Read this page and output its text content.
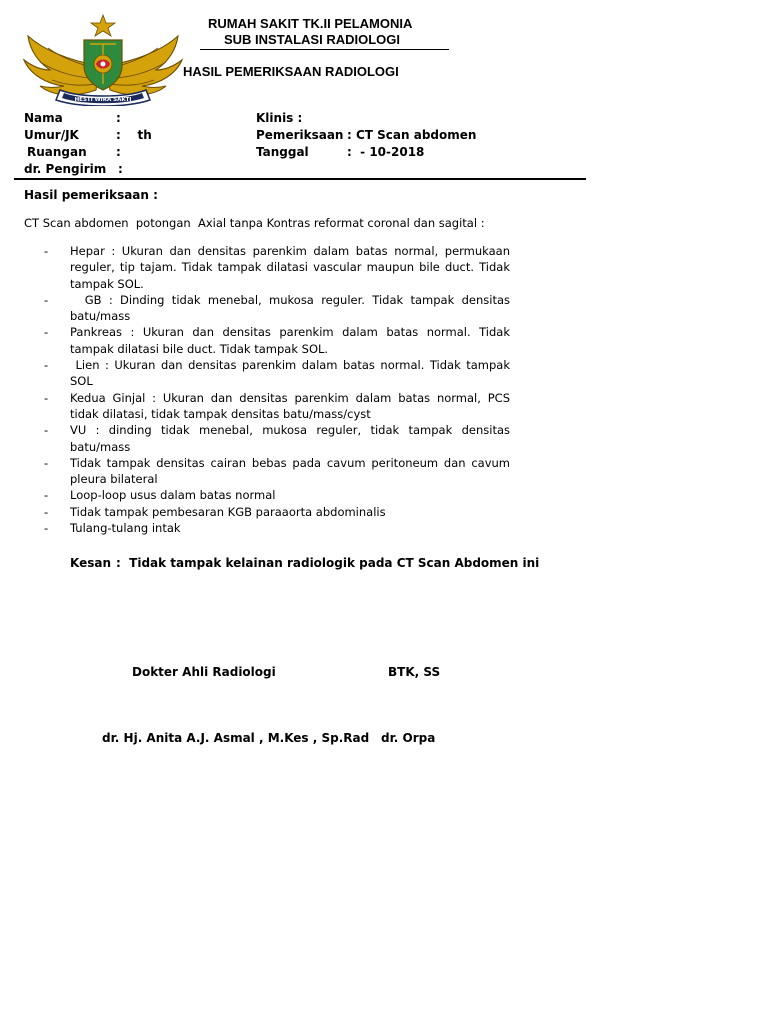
HESTI WIRA SAKTI
RUMAH SAKIT TK.II PELAMONIA
SUB INSTALASI RADIOLOGI
HASIL PEMERIKSAAN RADIOLOGI
Nama	:
Umur/JK	:    th
Ruangan :
dr. Pengirim :
Klinis :
Pemeriksaan : CT Scan abdomen
Tanggal	:  - 10-2018
Hasil pemeriksaan :
CT Scan abdomen  potongan  Axial tanpa Kontras reformat coronal dan sagital :
- Hepar : Ukuran dan densitas parenkim dalam batas normal, permukaan reguler, tip tajam. Tidak tampak dilatasi vascular maupun bile duct. Tidak tampak SOL.
- GB : Dinding tidak menebal, mukosa reguler. Tidak tampak densitas batu/mass
- Pankreas : Ukuran dan densitas parenkim dalam batas normal. Tidak tampak dilatasi bile duct. Tidak tampak SOL.
- Lien : Ukuran dan densitas parenkim dalam batas normal. Tidak tampak SOL
- Kedua Ginjal : Ukuran dan densitas parenkim dalam batas normal, PCS tidak dilatasi, tidak tampak densitas batu/mass/cyst
- VU : dinding tidak menebal, mukosa reguler, tidak tampak densitas batu/mass
- Tidak tampak densitas cairan bebas pada cavum peritoneum dan cavum pleura bilateral
- Loop-loop usus dalam batas normal
- Tidak tampak pembesaran KGB paraaorta abdominalis
- Tulang-tulang intak
Kesan :  Tidak tampak kelainan radiologik pada CT Scan Abdomen ini
Dokter Ahli Radiologi	BTK, SS
dr. Hj. Anita A.J. Asmal , M.Kes , Sp.Rad dr. Orpa
